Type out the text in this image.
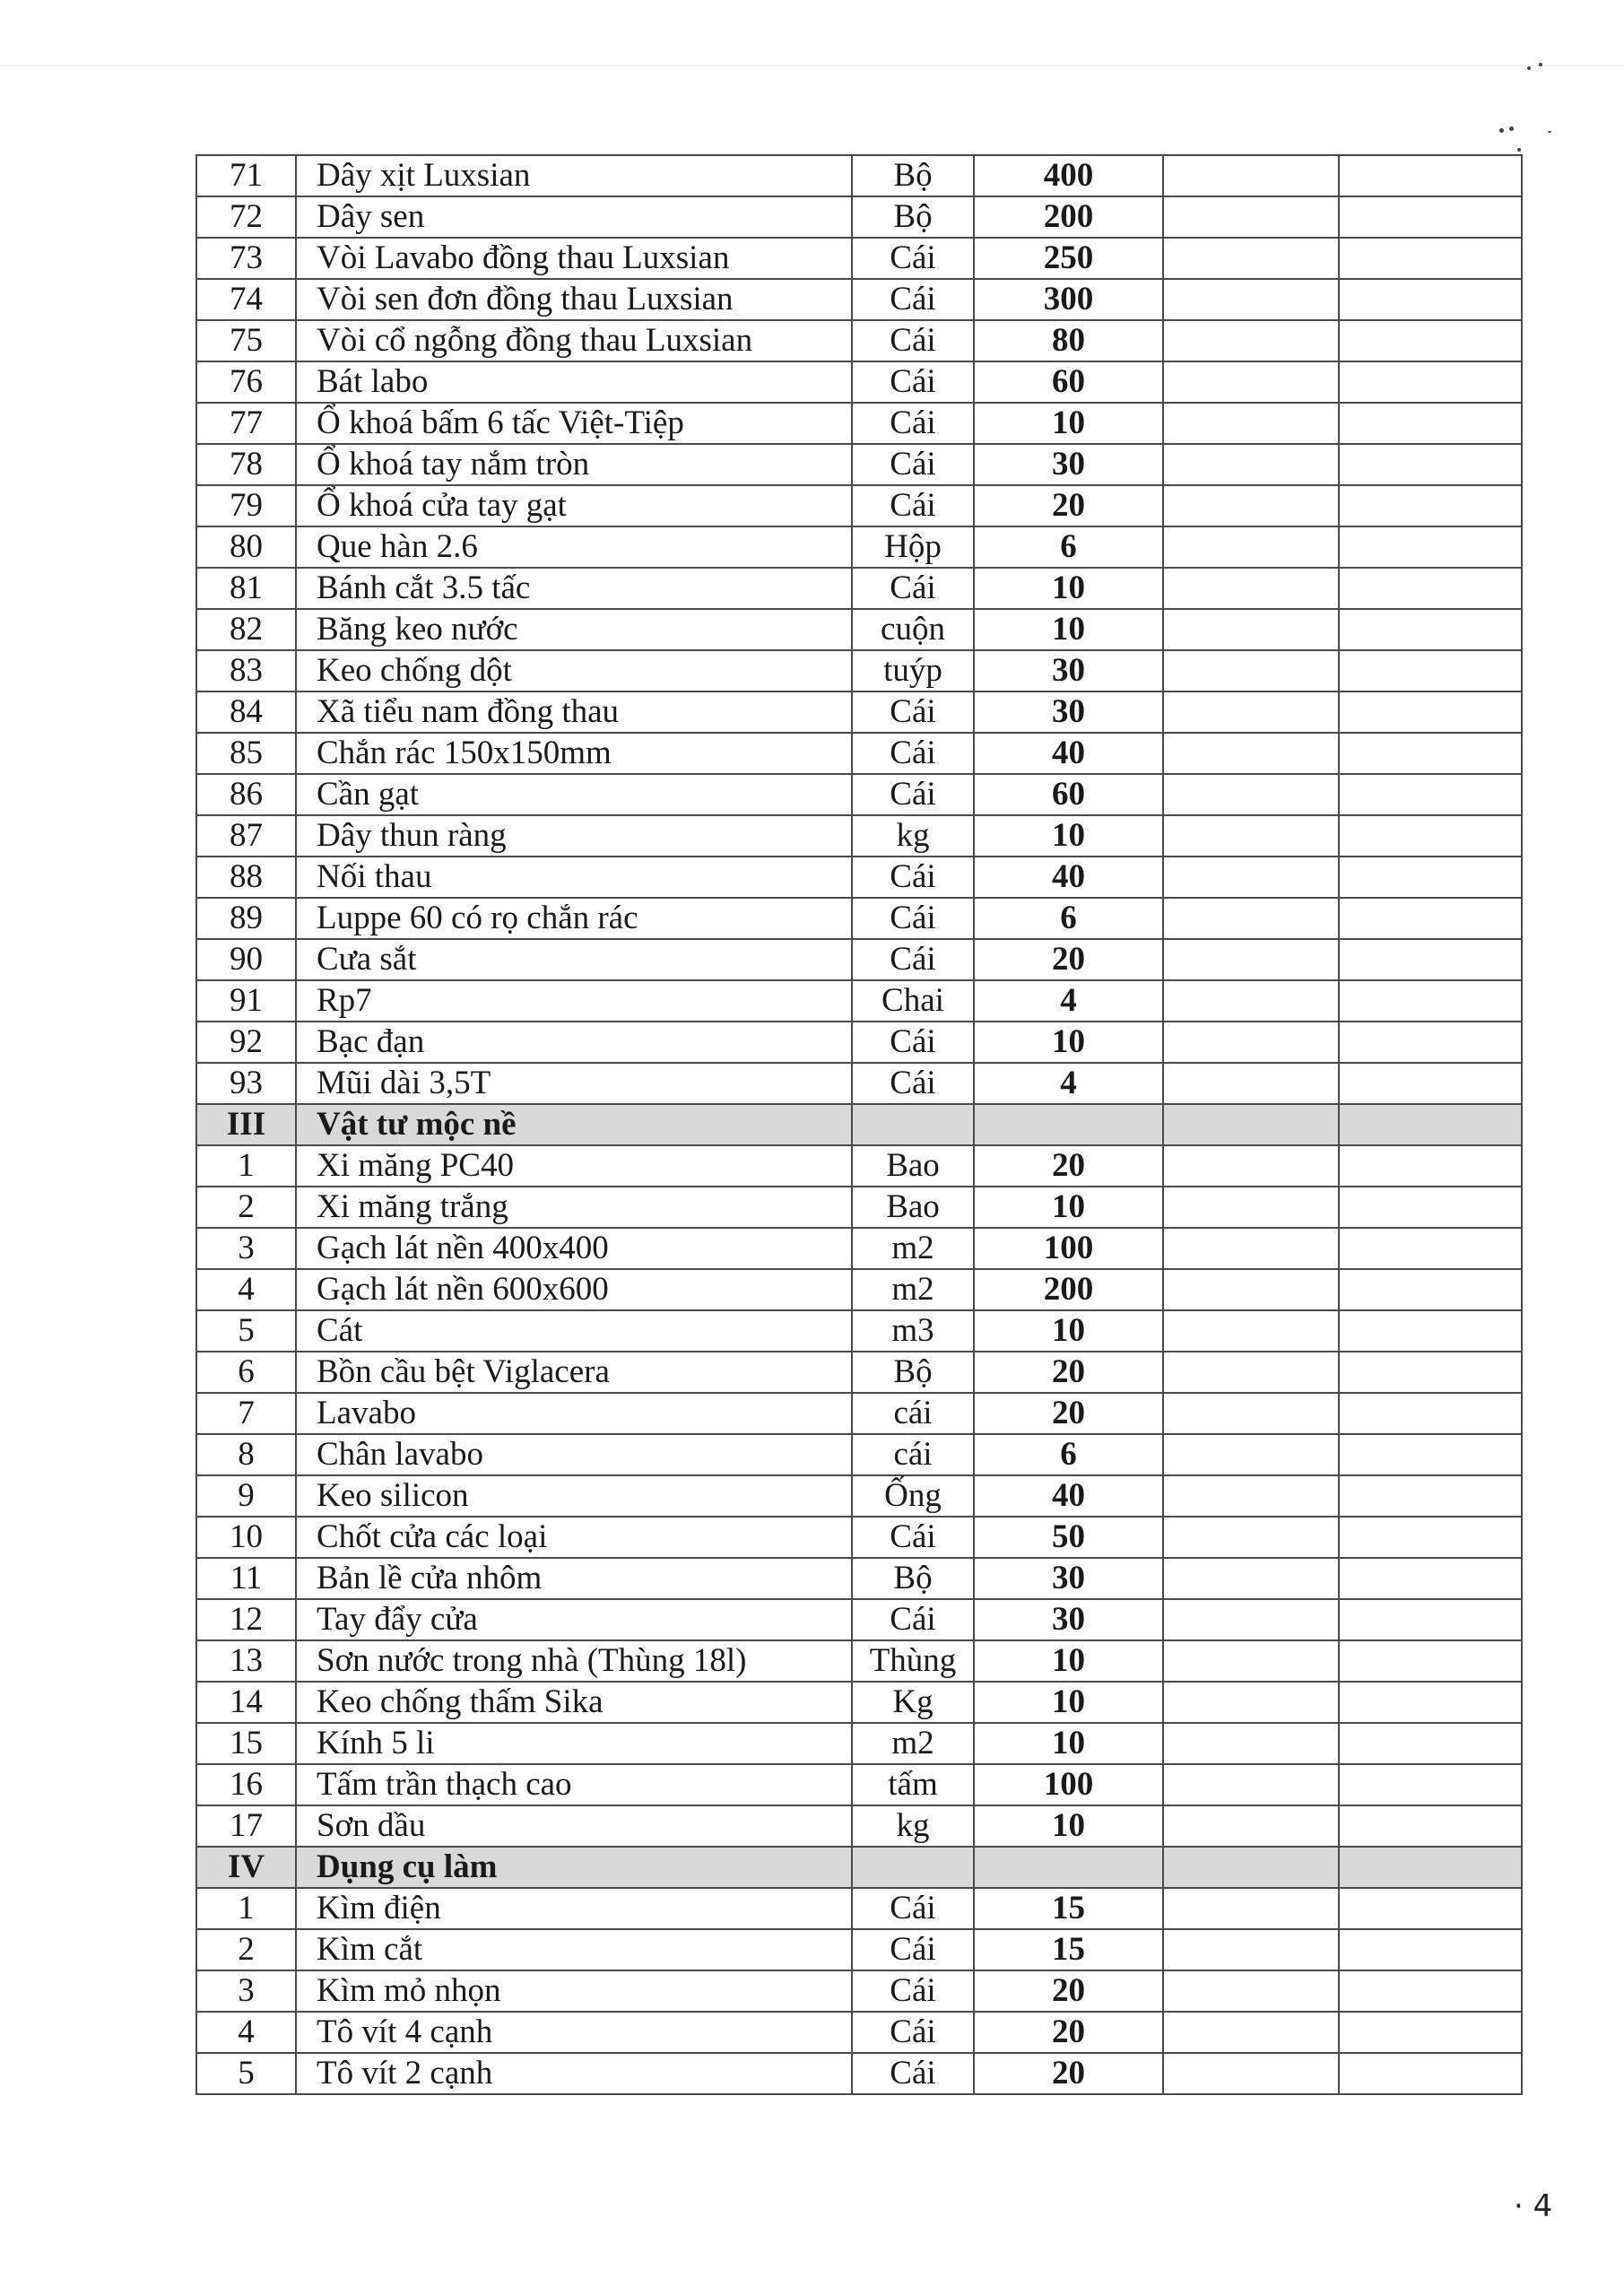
71	Dây xịt Luxsian	Bộ	400		
72	Dây sen	Bộ	200		
73	Vòi Lavabo đồng thau Luxsian	Cái	250		
74	Vòi sen đơn đồng thau Luxsian	Cái	300		
75	Vòi cổ ngỗng đồng thau Luxsian	Cái	80		
76	Bát labo	Cái	60		
77	Ổ khoá bấm 6 tấc Việt-Tiệp	Cái	10		
78	Ổ khoá tay nắm tròn	Cái	30		
79	Ổ khoá cửa tay gạt	Cái	20		
80	Que hàn 2.6	Hộp	6		
81	Bánh cắt 3.5 tấc	Cái	10		
82	Băng keo nước	cuộn	10		
83	Keo chống dột	tuýp	30		
84	Xã tiểu nam đồng thau	Cái	30		
85	Chắn rác 150x150mm	Cái	40		
86	Cần gạt	Cái	60		
87	Dây thun ràng	kg	10		
88	Nối thau	Cái	40		
89	Luppe 60 có rọ chắn rác	Cái	6		
90	Cưa sắt	Cái	20		
91	Rp7	Chai	4		
92	Bạc đạn	Cái	10		
93	Mũi dài 3,5T	Cái	4		
III	Vật tư mộc nề				
1	Xi măng PC40	Bao	20		
2	Xi măng trắng	Bao	10		
3	Gạch lát nền 400x400	m2	100		
4	Gạch lát nền 600x600	m2	200		
5	Cát	m3	10		
6	Bồn cầu bệt Viglacera	Bộ	20		
7	Lavabo	cái	20		
8	Chân lavabo	cái	6		
9	Keo silicon	Ống	40		
10	Chốt cửa các loại	Cái	50		
11	Bản lề cửa nhôm	Bộ	30		
12	Tay đẩy cửa	Cái	30		
13	Sơn nước trong nhà (Thùng 18l)	Thùng	10		
14	Keo chống thấm Sika	Kg	10		
15	Kính 5 li	m2	10		
16	Tấm trần thạch cao	tấm	100		
17	Sơn dầu	kg	10		
IV	Dụng cụ làm				
1	Kìm điện	Cái	15		
2	Kìm cắt	Cái	15		
3	Kìm mỏ nhọn	Cái	20		
4	Tô vít 4 cạnh	Cái	20		
5	Tô vít 2 cạnh	Cái	20		
· 4
